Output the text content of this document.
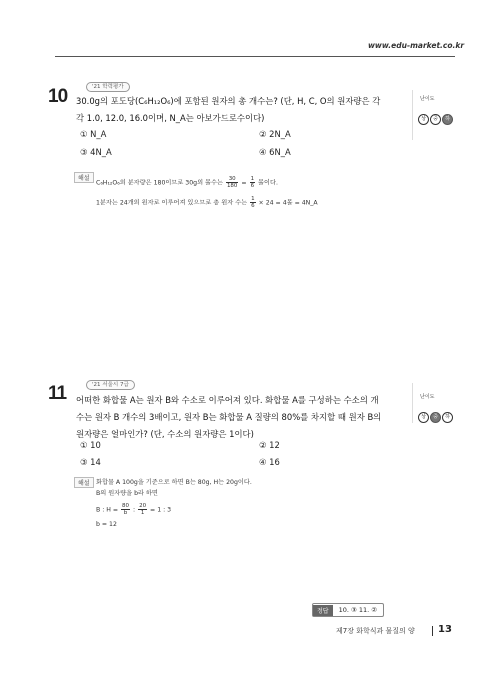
www.edu-market.co.kr
10	'21 학력평가
30.0g의 포도당(C₆H₁₂O₆)에 포함된 원자의 총 개수는? (단, H, C, O의 원자량은 각
각 1.0, 12.0, 16.0이며, N_A는 아보가드로수이다)
① N_A	② 2N_A
③ 4N_A	④ 6N_A
해설
C₆H₁₂O₆의 분자량은 180이므로 30g의 몰수는 $\frac{30}{180} = \frac{1}{6}$ 몰이다.
1분자는 24개의 원자로 이루어져 있으므로 총 원자 수는 $\frac{1}{6} \times 24 = 4$몰 = 4N_A
난이도
상 중 하
11	'21 서울시 7급
어떠한 화합물 A는 원자 B와 수소로 이루어져 있다. 화합물 A를 구성하는 수소의 개
수는 원자 B 개수의 3배이고, 원자 B는 화합물 A 질량의 80%를 차지할 때 원자 B의
원자량은 얼마인가? (단, 수소의 원자량은 1이다)
① 10	② 12
③ 14	④ 16
해설	화합물 A 100g을 기준으로 하면 B는 80g, H는 20g이다.
B의 원자량을 b라 하면
B : $H = \frac{80}{b}$ : $\frac{20}{1} = 1$ : 3
b = 12
난이도
상 중 하
정답	10. ③ 11. ②
제7장 화학식과 물질의 양 13
